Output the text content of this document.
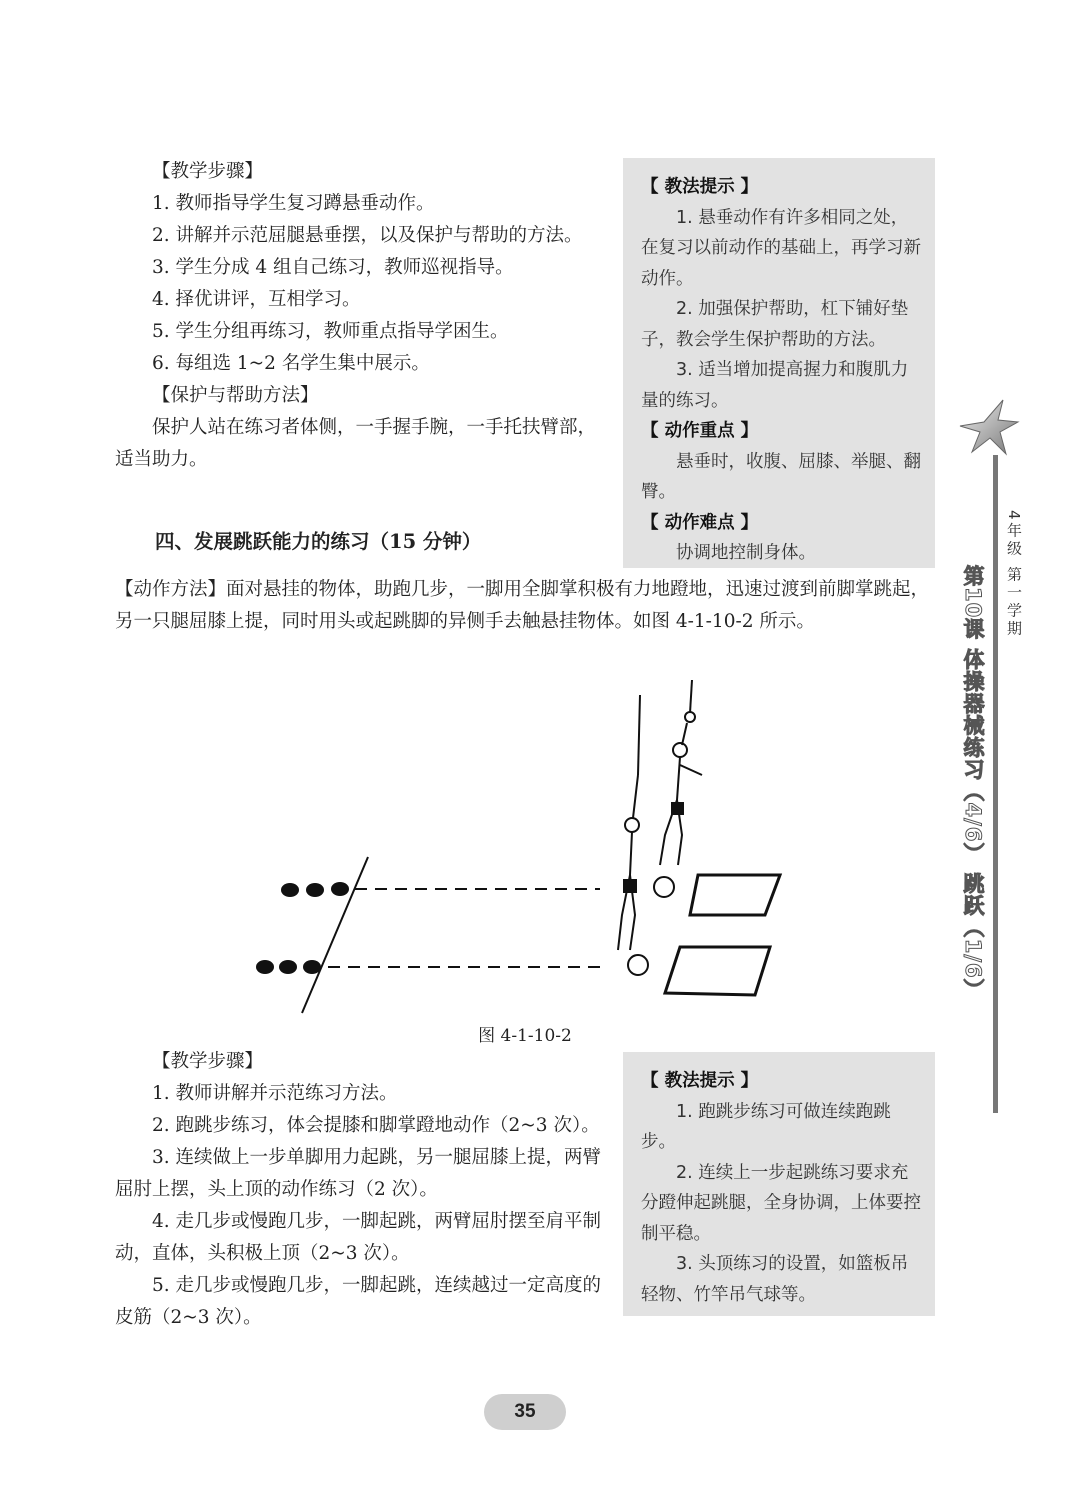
【教学步骤】

1. 教师指导学生复习蹲悬垂动作。

2. 讲解并示范屈腿悬垂摆，以及保护与帮助的方法。

3. 学生分成 4 组自己练习，教师巡视指导。

4. 择优讲评，互相学习。

5. 学生分组再练习，教师重点指导学困生。

6. 每组选 1~2 名学生集中展示。

【保护与帮助方法】

保护人站在练习者体侧，一手握手腕，一手托扶臂部，适当助力。

四、发展跳跃能力的练习（15 分钟）

【 教法提示 】

1. 悬垂动作有许多相同之处，在复习以前动作的基础上，再学习新动作。

2. 加强保护帮助，杠下铺好垫子，教会学生保护帮助的方法。

3. 适当增加提高握力和腹肌力量的练习。

【 动作重点 】

悬垂时，收腹、屈膝、举腿、翻臀。

【 动作难点 】

协调地控制身体。

【动作方法】面对悬挂的物体，助跑几步，一脚用全脚掌积极有力地蹬地，迅速过渡到前脚掌跳起，另一只腿屈膝上提，同时用头或起跳脚的异侧手去触悬挂物体。如图 4-1-10-2 所示。
图 4-1-10-2

【教学步骤】

1. 教师讲解并示范练习方法。

2. 跑跳步练习，体会提膝和脚掌蹬地动作（2~3 次）。

3. 连续做上一步单脚用力起跳，另一腿屈膝上提，两臂屈肘上摆，头上顶的动作练习（2 次）。

4. 走几步或慢跑几步，一脚起跳，两臂屈肘摆至肩平制动，直体，头积极上顶（2~3 次）。

5. 走几步或慢跑几步，一脚起跳，连续越过一定高度的皮筋（2~3 次）。

【 教法提示 】

1. 跑跳步练习可做连续跑跳步。

2. 连续上一步起跳练习要求充分蹬伸起跳腿，全身协调，上体要控制平稳。

3. 头顶练习的设置，如篮板吊轻物、竹竿吊气球等。

第10课 体操器械练习（4/6） 跳跃（1/6） 4年级 第一学期
35
